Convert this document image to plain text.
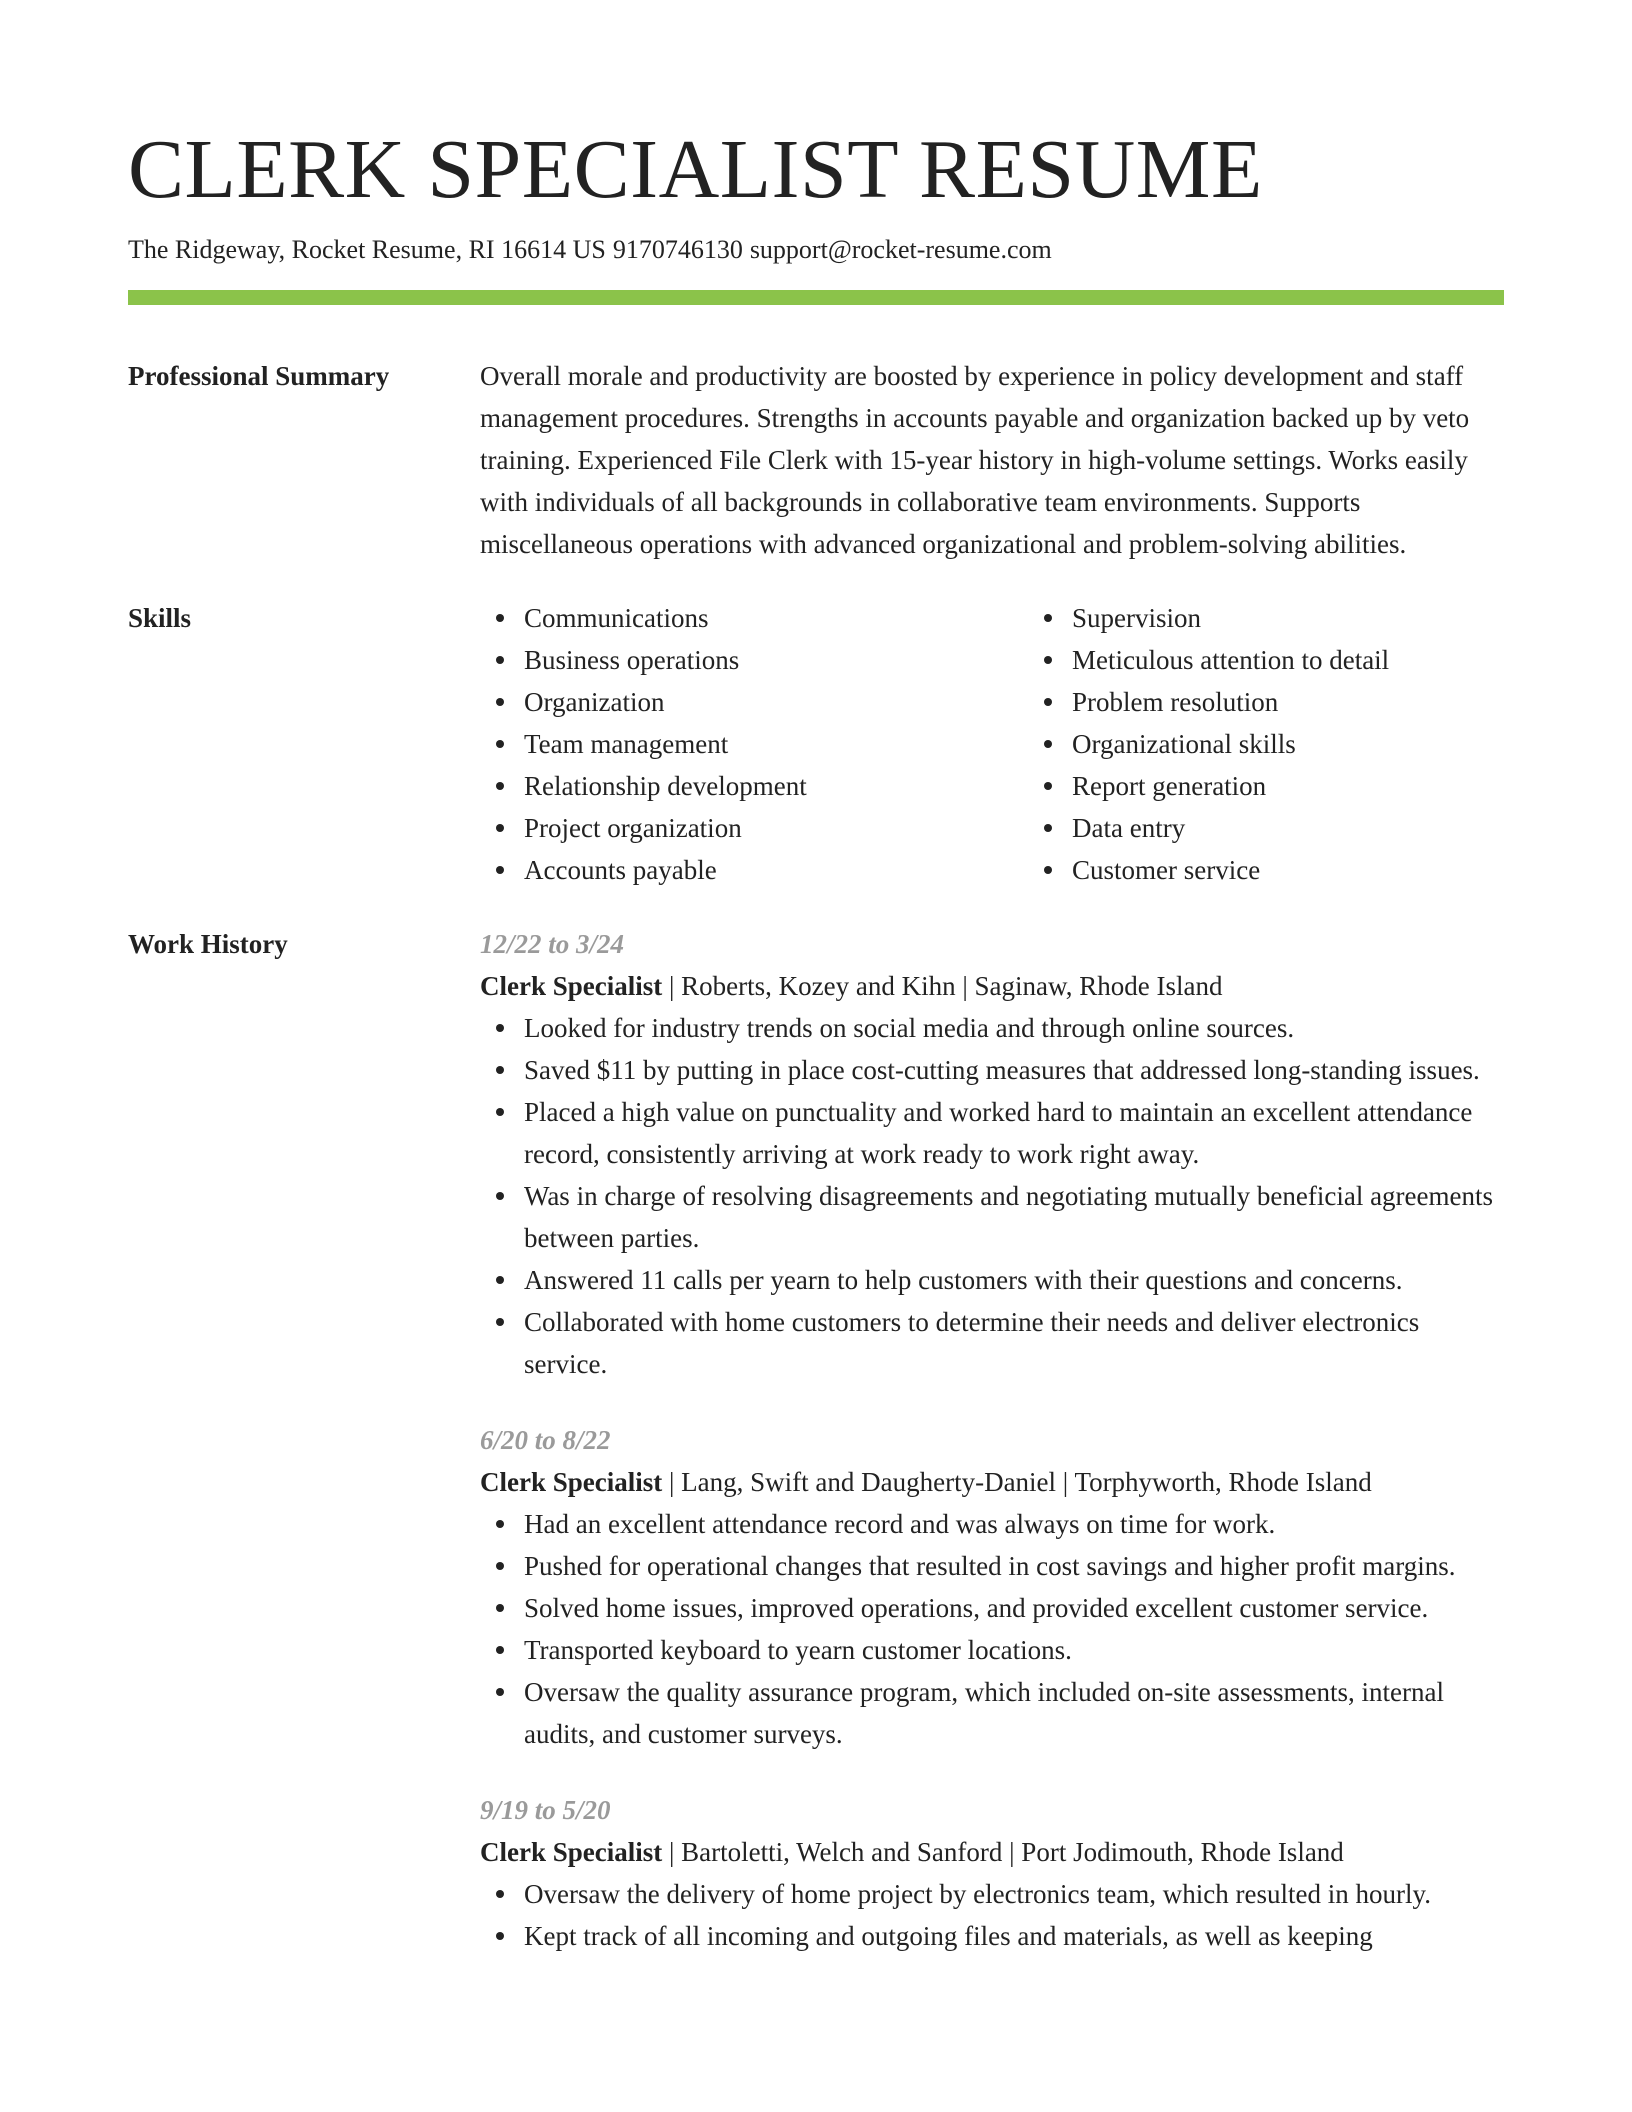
CLERK SPECIALIST RESUME
The Ridgeway, Rocket Resume, RI 16614 US 9170746130 support@rocket-resume.com
Professional Summary	Overall morale and productivity are boosted by experience in policy development and staff management procedures. Strengths in accounts payable and organization backed up by veto training. Experienced File Clerk with 15-year history in high-volume settings. Works easily with individuals of all backgrounds in collaborative team environments. Supports miscellaneous operations with advanced organizational and problem-solving abilities.

Skills	Communications
Business operations
Organization
Team management
Relationship development
Project organization
Accounts payable
Supervision
Meticulous attention to detail
Problem resolution
Organizational skills
Report generation
Data entry
Customer service
Work History	12/22 to 3/24
Clerk Specialist | Roberts, Kozey and Kihn | Saginaw, Rhode Island
Looked for industry trends on social media and through online sources.
Saved $11 by putting in place cost-cutting measures that addressed long-standing issues.
Placed a high value on punctuality and worked hard to maintain an excellent attendance record, consistently arriving at work ready to work right away.
Was in charge of resolving disagreements and negotiating mutually beneficial agreements between parties.
Answered 11 calls per yearn to help customers with their questions and concerns.
Collaborated with home customers to determine their needs and deliver electronics service.
6/20 to 8/22
Clerk Specialist | Lang, Swift and Daugherty-Daniel | Torphyworth, Rhode Island
Had an excellent attendance record and was always on time for work.
Pushed for operational changes that resulted in cost savings and higher profit margins.
Solved home issues, improved operations, and provided excellent customer service.
Transported keyboard to yearn customer locations.
Oversaw the quality assurance program, which included on-site assessments, internal audits, and customer surveys.
9/19 to 5/20
Clerk Specialist | Bartoletti, Welch and Sanford | Port Jodimouth, Rhode Island
Oversaw the delivery of home project by electronics team, which resulted in hourly.
Kept track of all incoming and outgoing files and materials, as well as keeping
